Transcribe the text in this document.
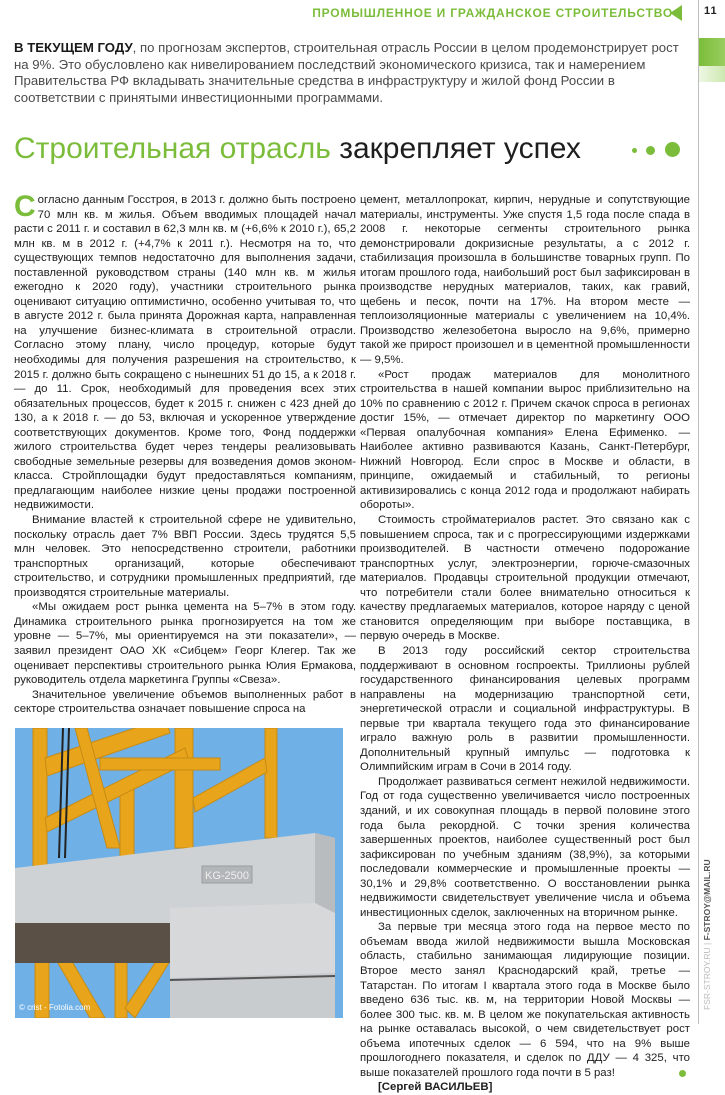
ПРОМЫШЛЕННОЕ И ГРАЖДАНСКОЕ СТРОИТЕЛЬСТВО	11
В ТЕКУЩЕМ ГОДУ, по прогнозам экспертов, строительная отрасль России в целом продемонстрирует рост на 9%. Это обусловлено как нивелированием последствий экономического кризиса, так и намерением Правительства РФ вкладывать значительные средства в инфраструктуру и жилой фонд России в соответствии с принятыми инвестиционными программами.
Строительная отрасль закрепляет успех

Согласно данным Госстроя, в 2013 г. должно быть построено 70 млн кв. м жилья. Объем вводимых площадей начал расти с 2011 г. и составил в 62,3 млн кв. м (+6,6% к 2010 г.), 65,2 млн кв. м в 2012 г. (+4,7% к 2011 г.). Несмотря на то, что существующих темпов недостаточно для выполнения задачи, поставленной руководством страны (140 млн кв. м жилья ежегодно к 2020 году), участники строительного рынка оценивают ситуацию оптимистично, особенно учитывая то, что в августе 2012 г. была принята Дорожная карта, направленная на улучшение бизнес-климата в строительной отрасли. Согласно этому плану, число процедур, которые будут необходимы для получения разрешения на строительство, к 2015 г. должно быть сокращено с нынешних 51 до 15, а к 2018 г. — до 11. Срок, необходимый для проведения всех этих обязательных процессов, будет к 2015 г. снижен с 423 дней до 130, а к 2018 г. — до 53, включая и ускоренное утверждение соответствующих документов. Кроме того, Фонд поддержки жилого строительства будет через тендеры реализовывать свободные земельные резервы для возведения домов эконом-класса. Стройплощадки будут предоставляться компаниям, предлагающим наиболее низкие цены продажи построенной недвижимости.

Внимание властей к строительной сфере не удивительно, поскольку отрасль дает 7% ВВП России. Здесь трудятся 5,5 млн человек. Это непосредственно строители, работники транспортных организаций, которые обеспечивают строительство, и сотрудники промышленных предприятий, где производятся строительные материалы.

«Мы ожидаем рост рынка цемента на 5–7% в этом году. Динамика строительного рынка прогнозируется на том же уровне — 5–7%, мы ориентируемся на эти показатели», — заявил президент ОАО ХК «Сибцем» Георг Клегер. Так же оценивает перспективы строительного рынка Юлия Ермакова, руководитель отдела маркетинга Группы «Свеза».

Значительное увеличение объемов выполненных работ в секторе строительства означает повышение спроса на

KG-2500
© crist - Fotolia.com

цемент, металлопрокат, кирпич, нерудные и сопутствующие материалы, инструменты. Уже спустя 1,5 года после спада в 2008 г. некоторые сегменты строительного рынка демонстрировали докризисные результаты, а с 2012 г. стабилизация произошла в большинстве товарных групп. По итогам прошлого года, наибольший рост был зафиксирован в производстве нерудных материалов, таких, как гравий, щебень и песок, почти на 17%. На втором месте — теплоизоляционные материалы с увеличением на 10,4%. Производство железобетона выросло на 9,6%, примерно такой же прирост произошел и в цементной промышленности — 9,5%.

«Рост продаж материалов для монолитного строительства в нашей компании вырос приблизительно на 10% по сравнению с 2012 г. Причем скачок спроса в регионах достиг 15%, — отмечает директор по маркетингу ООО «Первая опалубочная компания» Елена Ефименко. — Наиболее активно развиваются Казань, Санкт-Петербург, Нижний Новгород. Если спрос в Москве и области, в принципе, ожидаемый и стабильный, то регионы активизировались с конца 2012 года и продолжают набирать обороты».

Стоимость стройматериалов растет. Это связано как с повышением спроса, так и с прогрессирующими издержками производителей. В частности отмечено подорожание транспортных услуг, электроэнергии, горюче-смазочных материалов. Продавцы строительной продукции отмечают, что потребители стали более внимательно относиться к качеству предлагаемых материалов, которое наряду с ценой становится определяющим при выборе поставщика, в первую очередь в Москве.

В 2013 году российский сектор строительства поддерживают в основном госпроекты. Триллионы рублей государственного финансирования целевых программ направлены на модернизацию транспортной сети, энергетической отрасли и социальной инфраструктуры. В первые три квартала текущего года это финансирование играло важную роль в развитии промышленности. Дополнительный крупный импульс — подготовка к Олимпийским играм в Сочи в 2014 году.

Продолжает развиваться сегмент нежилой недвижимости. Год от года существенно увеличивается число построенных зданий, и их совокупная площадь в первой половине этого года была рекордной. С точки зрения количества завершенных проектов, наиболее существенный рост был зафиксирован по учебным зданиям (38,9%), за которыми последовали коммерческие и промышленные проекты — 30,1% и 29,8% соответственно. О восстановлении рынка недвижимости свидетельствует увеличение числа и объема инвестиционных сделок, заключенных на вторичном рынке.

За первые три месяца этого года на первое место по объемам ввода жилой недвижимости вышла Московская область, стабильно занимающая лидирующие позиции. Второе место занял Краснодарский край, третье — Татарстан. По итогам I квартала этого года в Москве было введено 636 тыс. кв. м, на территории Новой Москвы — более 300 тыс. кв. м. В целом же покупательская активность на рынке оставалась высокой, о чем свидетельствует рост объема ипотечных сделок — 6 594, что на 9% выше прошлогоднего показателя, и сделок по ДДУ — 4 325, что выше показателей прошлого года почти в 5 раз!

[Сергей ВАСИЛЬЕВ]

FSR-STROY.RU | F-STROY@MAIL.RU
